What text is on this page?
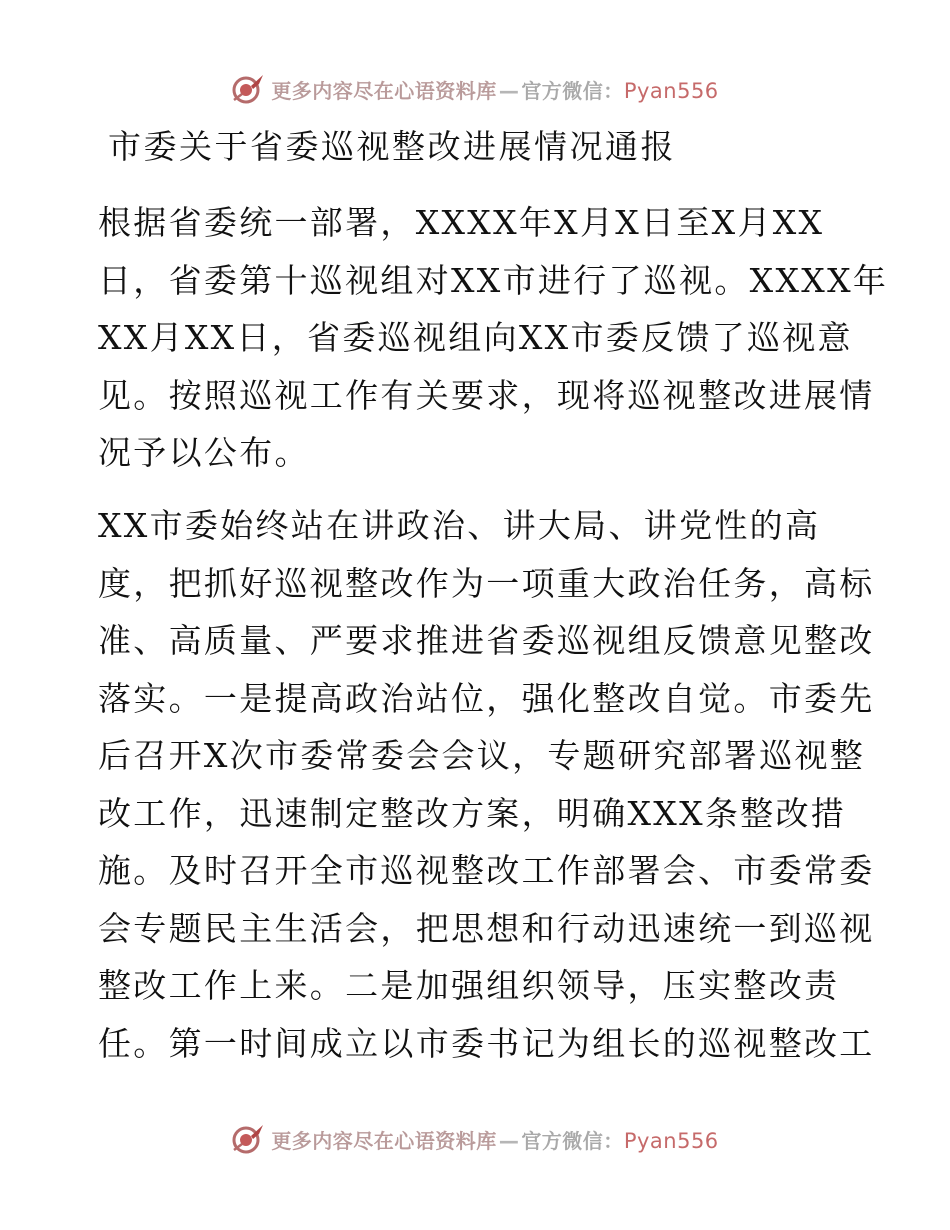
更多内容尽在心语资料库 — 官方微信：Pyan556
市委关于省委巡视整改进展情况通报

根据省委统一部署，XXXX年X月X日至X月XX
日，省委第十巡视组对XX市进行了巡视。XXXX年
XX月XX日，省委巡视组向XX市委反馈了巡视意
见。按照巡视工作有关要求，现将巡视整改进展情
况予以公布。

XX市委始终站在讲政治、讲大局、讲党性的高
度，把抓好巡视整改作为一项重大政治任务，高标
准、高质量、严要求推进省委巡视组反馈意见整改
落实。一是提高政治站位，强化整改自觉。市委先
后召开X次市委常委会会议，专题研究部署巡视整
改工作，迅速制定整改方案，明确XXX条整改措
施。及时召开全市巡视整改工作部署会、市委常委
会专题民主生活会，把思想和行动迅速统一到巡视
整改工作上来。二是加强组织领导，压实整改责
任。第一时间成立以市委书记为组长的巡视整改工

更多内容尽在心语资料库 — 官方微信：Pyan556
